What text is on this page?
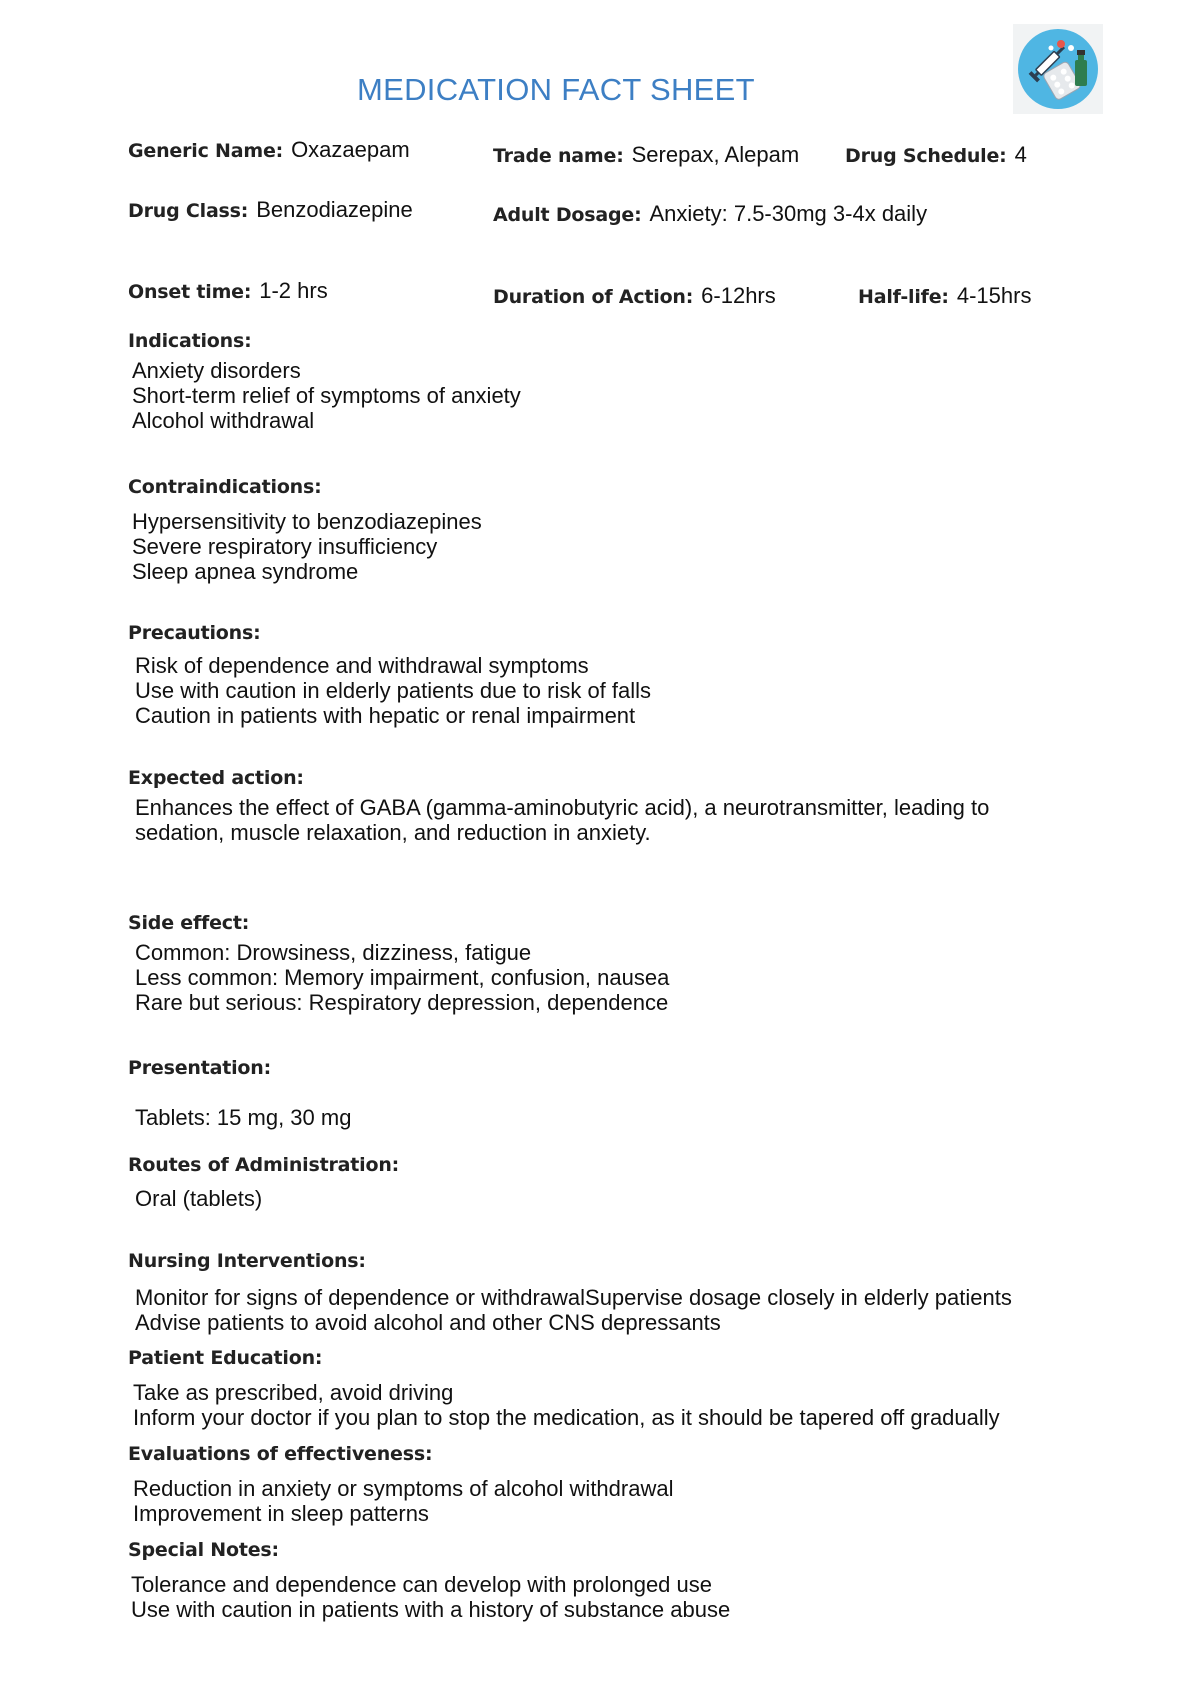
MEDICATION FACT SHEET
Generic Name: Oxazaepam	Trade name: Serepax, Alepam Drug Schedule: 4
Drug Class: Benzodiazepine	Adult Dosage: Anxiety: 7.5-30mg 3-4x daily
Onset time: 1-2 hrs	Duration of Action: 6-12hrs	Half-life: 4-15hrs
Indications:
Anxiety disorders
Short-term relief of symptoms of anxiety
Alcohol withdrawal
Contraindications:
Hypersensitivity to benzodiazepines
Severe respiratory insufficiency
Sleep apnea syndrome
Precautions:
Risk of dependence and withdrawal symptoms
Use with caution in elderly patients due to risk of falls
Caution in patients with hepatic or renal impairment
Expected action:
Enhances the effect of GABA (gamma-aminobutyric acid), a neurotransmitter, leading to
sedation, muscle relaxation, and reduction in anxiety.
Side effect:
Common: Drowsiness, dizziness, fatigue
Less common: Memory impairment, confusion, nausea
Rare but serious: Respiratory depression, dependence
Presentation:
Tablets: 15 mg, 30 mg
Routes of Administration:
Oral (tablets)
Nursing Interventions:
Monitor for signs of dependence or withdrawalSupervise dosage closely in elderly patients
Advise patients to avoid alcohol and other CNS depressants
Patient Education:
Take as prescribed, avoid driving
Inform your doctor if you plan to stop the medication, as it should be tapered off gradually
Evaluations of effectiveness:
Reduction in anxiety or symptoms of alcohol withdrawal
Improvement in sleep patterns
Special Notes:
Tolerance and dependence can develop with prolonged use
Use with caution in patients with a history of substance abuse
